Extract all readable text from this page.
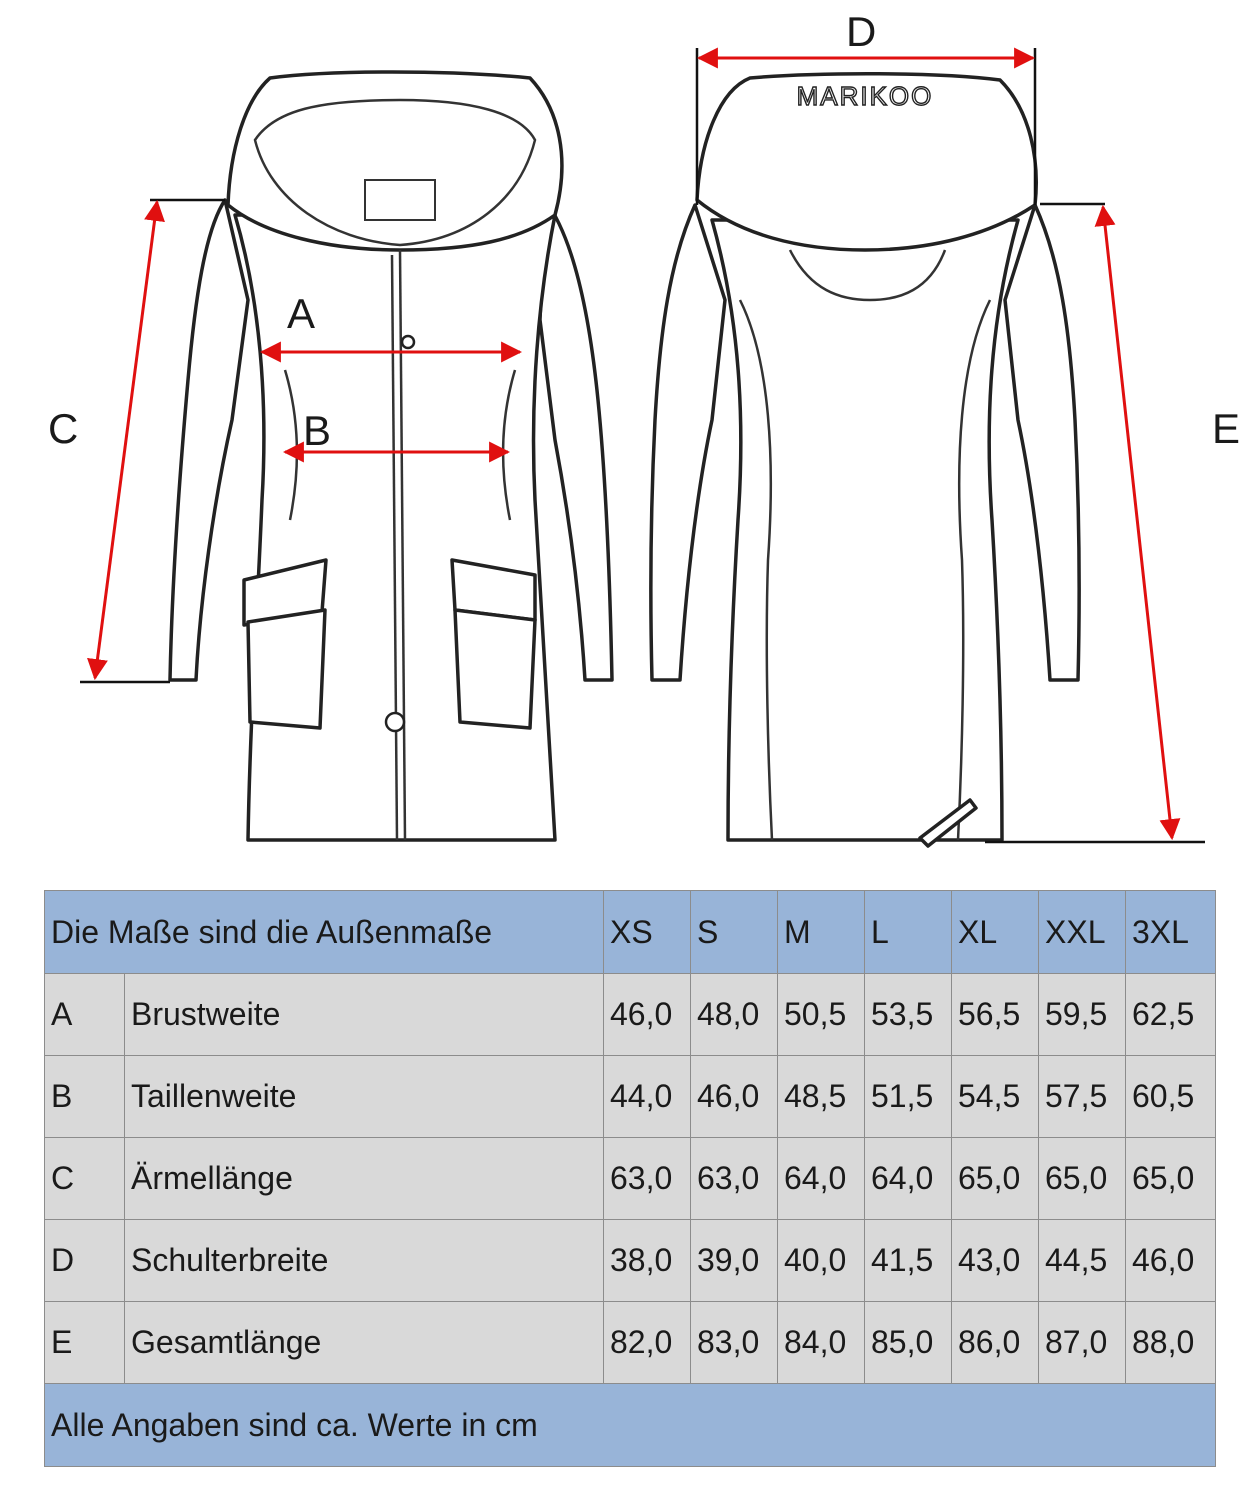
MARIKOO
A
B
C
D
E
Die Maße sind die Außenmaße		XS	S	M	L	XL	XXL	3XL
A	Brustweite	46,0	48,0	50,5	53,5	56,5	59,5	62,5
B	Taillenweite	44,0	46,0	48,5	51,5	54,5	57,5	60,5
C	Ärmellänge	63,0	63,0	64,0	64,0	65,0	65,0	65,0
D	Schulterbreite	38,0	39,0	40,0	41,5	43,0	44,5	46,0
E	Gesamtlänge	82,0	83,0	84,0	85,0	86,0	87,0	88,0
Alle Angaben sind ca. Werte in cm								
